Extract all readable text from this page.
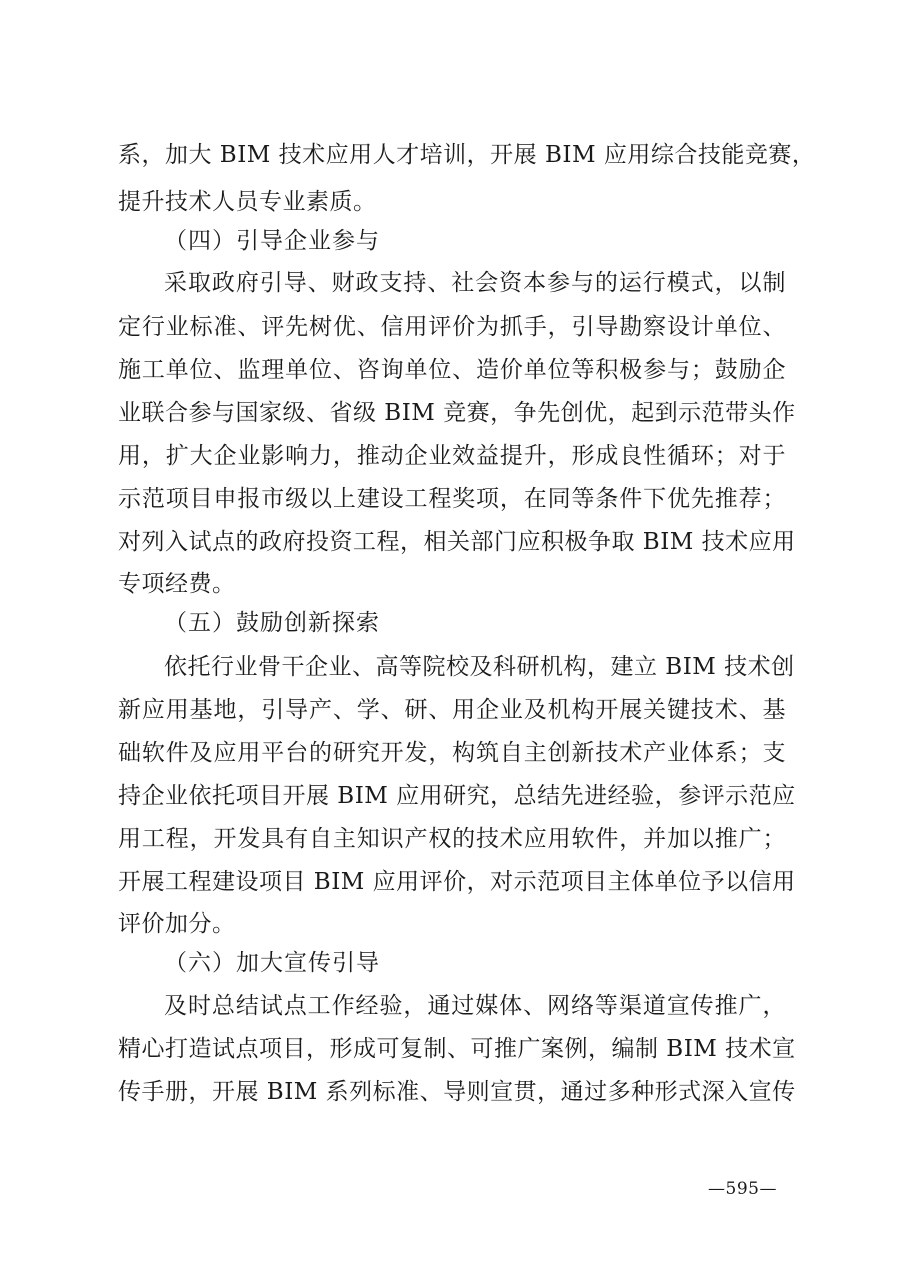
系，加大 BIM 技术应用人才培训，开展 BIM 应用综合技能竞赛，
提升技术人员专业素质。
（四）引导企业参与
采取政府引导、财政支持、社会资本参与的运行模式，以制
定行业标准、评先树优、信用评价为抓手，引导勘察设计单位、
施工单位、监理单位、咨询单位、造价单位等积极参与；鼓励企
业联合参与国家级、省级 BIM 竞赛，争先创优，起到示范带头作
用，扩大企业影响力，推动企业效益提升，形成良性循环；对于
示范项目申报市级以上建设工程奖项，在同等条件下优先推荐；
对列入试点的政府投资工程，相关部门应积极争取 BIM 技术应用
专项经费。
（五）鼓励创新探索
依托行业骨干企业、高等院校及科研机构，建立 BIM 技术创
新应用基地，引导产、学、研、用企业及机构开展关键技术、基
础软件及应用平台的研究开发，构筑自主创新技术产业体系；支
持企业依托项目开展 BIM 应用研究，总结先进经验，参评示范应
用工程，开发具有自主知识产权的技术应用软件，并加以推广；
开展工程建设项目 BIM 应用评价，对示范项目主体单位予以信用
评价加分。
（六）加大宣传引导
及时总结试点工作经验，通过媒体、网络等渠道宣传推广，
精心打造试点项目，形成可复制、可推广案例，编制 BIM 技术宣
传手册，开展 BIM 系列标准、导则宣贯，通过多种形式深入宣传
—595—
